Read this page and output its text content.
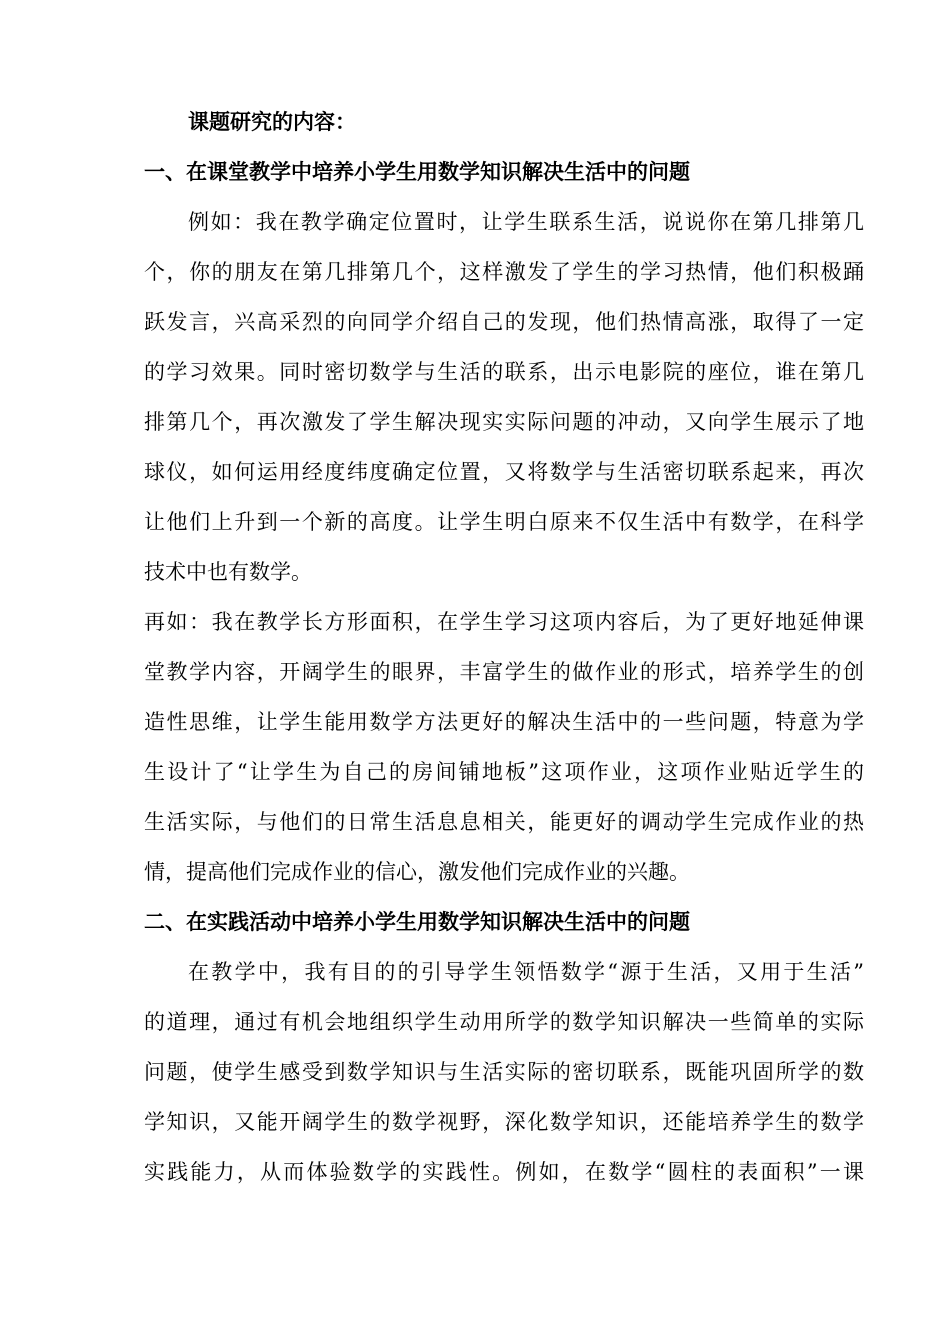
课题研究的内容：
一、在课堂教学中培养小学生用数学知识解决生活中的问题
例如：我在教学确定位置时，让学生联系生活，说说你在第几排第几
个，你的朋友在第几排第几个，这样激发了学生的学习热情，他们积极踊
跃发言，兴高采烈的向同学介绍自己的发现，他们热情高涨，取得了一定
的学习效果。同时密切数学与生活的联系，出示电影院的座位，谁在第几
排第几个，再次激发了学生解决现实实际问题的冲动，又向学生展示了地
球仪，如何运用经度纬度确定位置，又将数学与生活密切联系起来，再次
让他们上升到一个新的高度。让学生明白原来不仅生活中有数学，在科学
技术中也有数学。
再如：我在教学长方形面积，在学生学习这项内容后，为了更好地延伸课
堂教学内容，开阔学生的眼界，丰富学生的做作业的形式，培养学生的创
造性思维，让学生能用数学方法更好的解决生活中的一些问题，特意为学
生设计了“让学生为自己的房间铺地板”这项作业，这项作业贴近学生的
生活实际，与他们的日常生活息息相关，能更好的调动学生完成作业的热
情，提高他们完成作业的信心，激发他们完成作业的兴趣。
二、在实践活动中培养小学生用数学知识解决生活中的问题
在教学中，我有目的的引导学生领悟数学“源于生活，又用于生活”
的道理，通过有机会地组织学生动用所学的数学知识解决一些简单的实际
问题，使学生感受到数学知识与生活实际的密切联系，既能巩固所学的数
学知识，又能开阔学生的数学视野，深化数学知识，还能培养学生的数学
实践能力，从而体验数学的实践性。例如，在数学“圆柱的表面积”一课
